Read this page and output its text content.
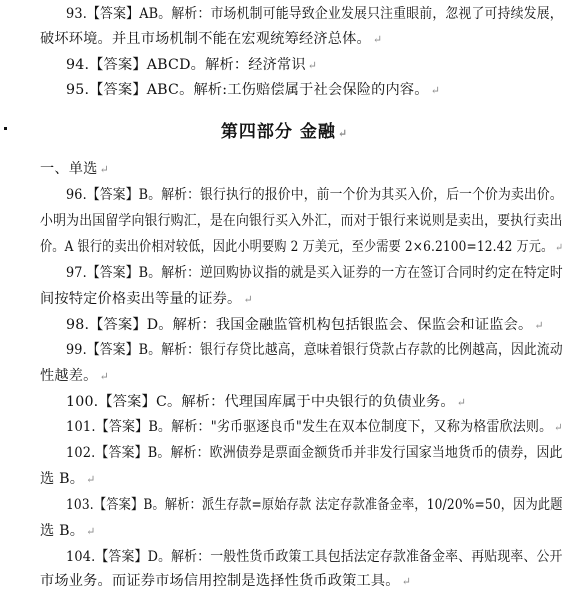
93.【答案】AB。解析：市场机制可能导致企业发展只注重眼前，忽视了可持续发展，
破坏环境。并且市场机制不能在宏观统筹经济总体。 ↵
94.【答案】ABCD。解析：经济常识 ↵
95.【答案】ABC。解析:工伤赔偿属于社会保险的内容。 ↵
第四部分 金融 ↵
一、单选 ↵
96.【答案】B。解析：银行执行的报价中，前一个价为其买入价，后一个价为卖出价。
小明为出国留学向银行购汇，是在向银行买入外汇，而对于银行来说则是卖出，要执行卖出
价。A 银行的卖出价相对较低，因此小明要购 2 万美元，至少需要 2×6.2100=12.42 万元。 ↵
97.【答案】B。解析：逆回购协议指的就是买入证券的一方在签订合同时约定在特定时
间按特定价格卖出等量的证券。 ↵
98.【答案】D。解析：我国金融监管机构包括银监会、保监会和证监会。 ↵
99.【答案】B。解析：银行存贷比越高，意味着银行贷款占存款的比例越高，因此流动
性越差。 ↵
100.【答案】C。解析：代理国库属于中央银行的负债业务。 ↵
101.【答案】B。解析："劣币驱逐良币"发生在双本位制度下，又称为格雷欣法则。 ↵
102.【答案】B。解析：欧洲债券是票面金额货币并非发行国家当地货币的债券，因此
选 B。 ↵
103.【答案】B。解析：派生存款=原始存款 法定存款准备金率，10/20%=50，因为此题
选 B。 ↵
104.【答案】D。解析：一般性货币政策工具包括法定存款准备金率、再贴现率、公开
市场业务。而证券市场信用控制是选择性货币政策工具。 ↵
